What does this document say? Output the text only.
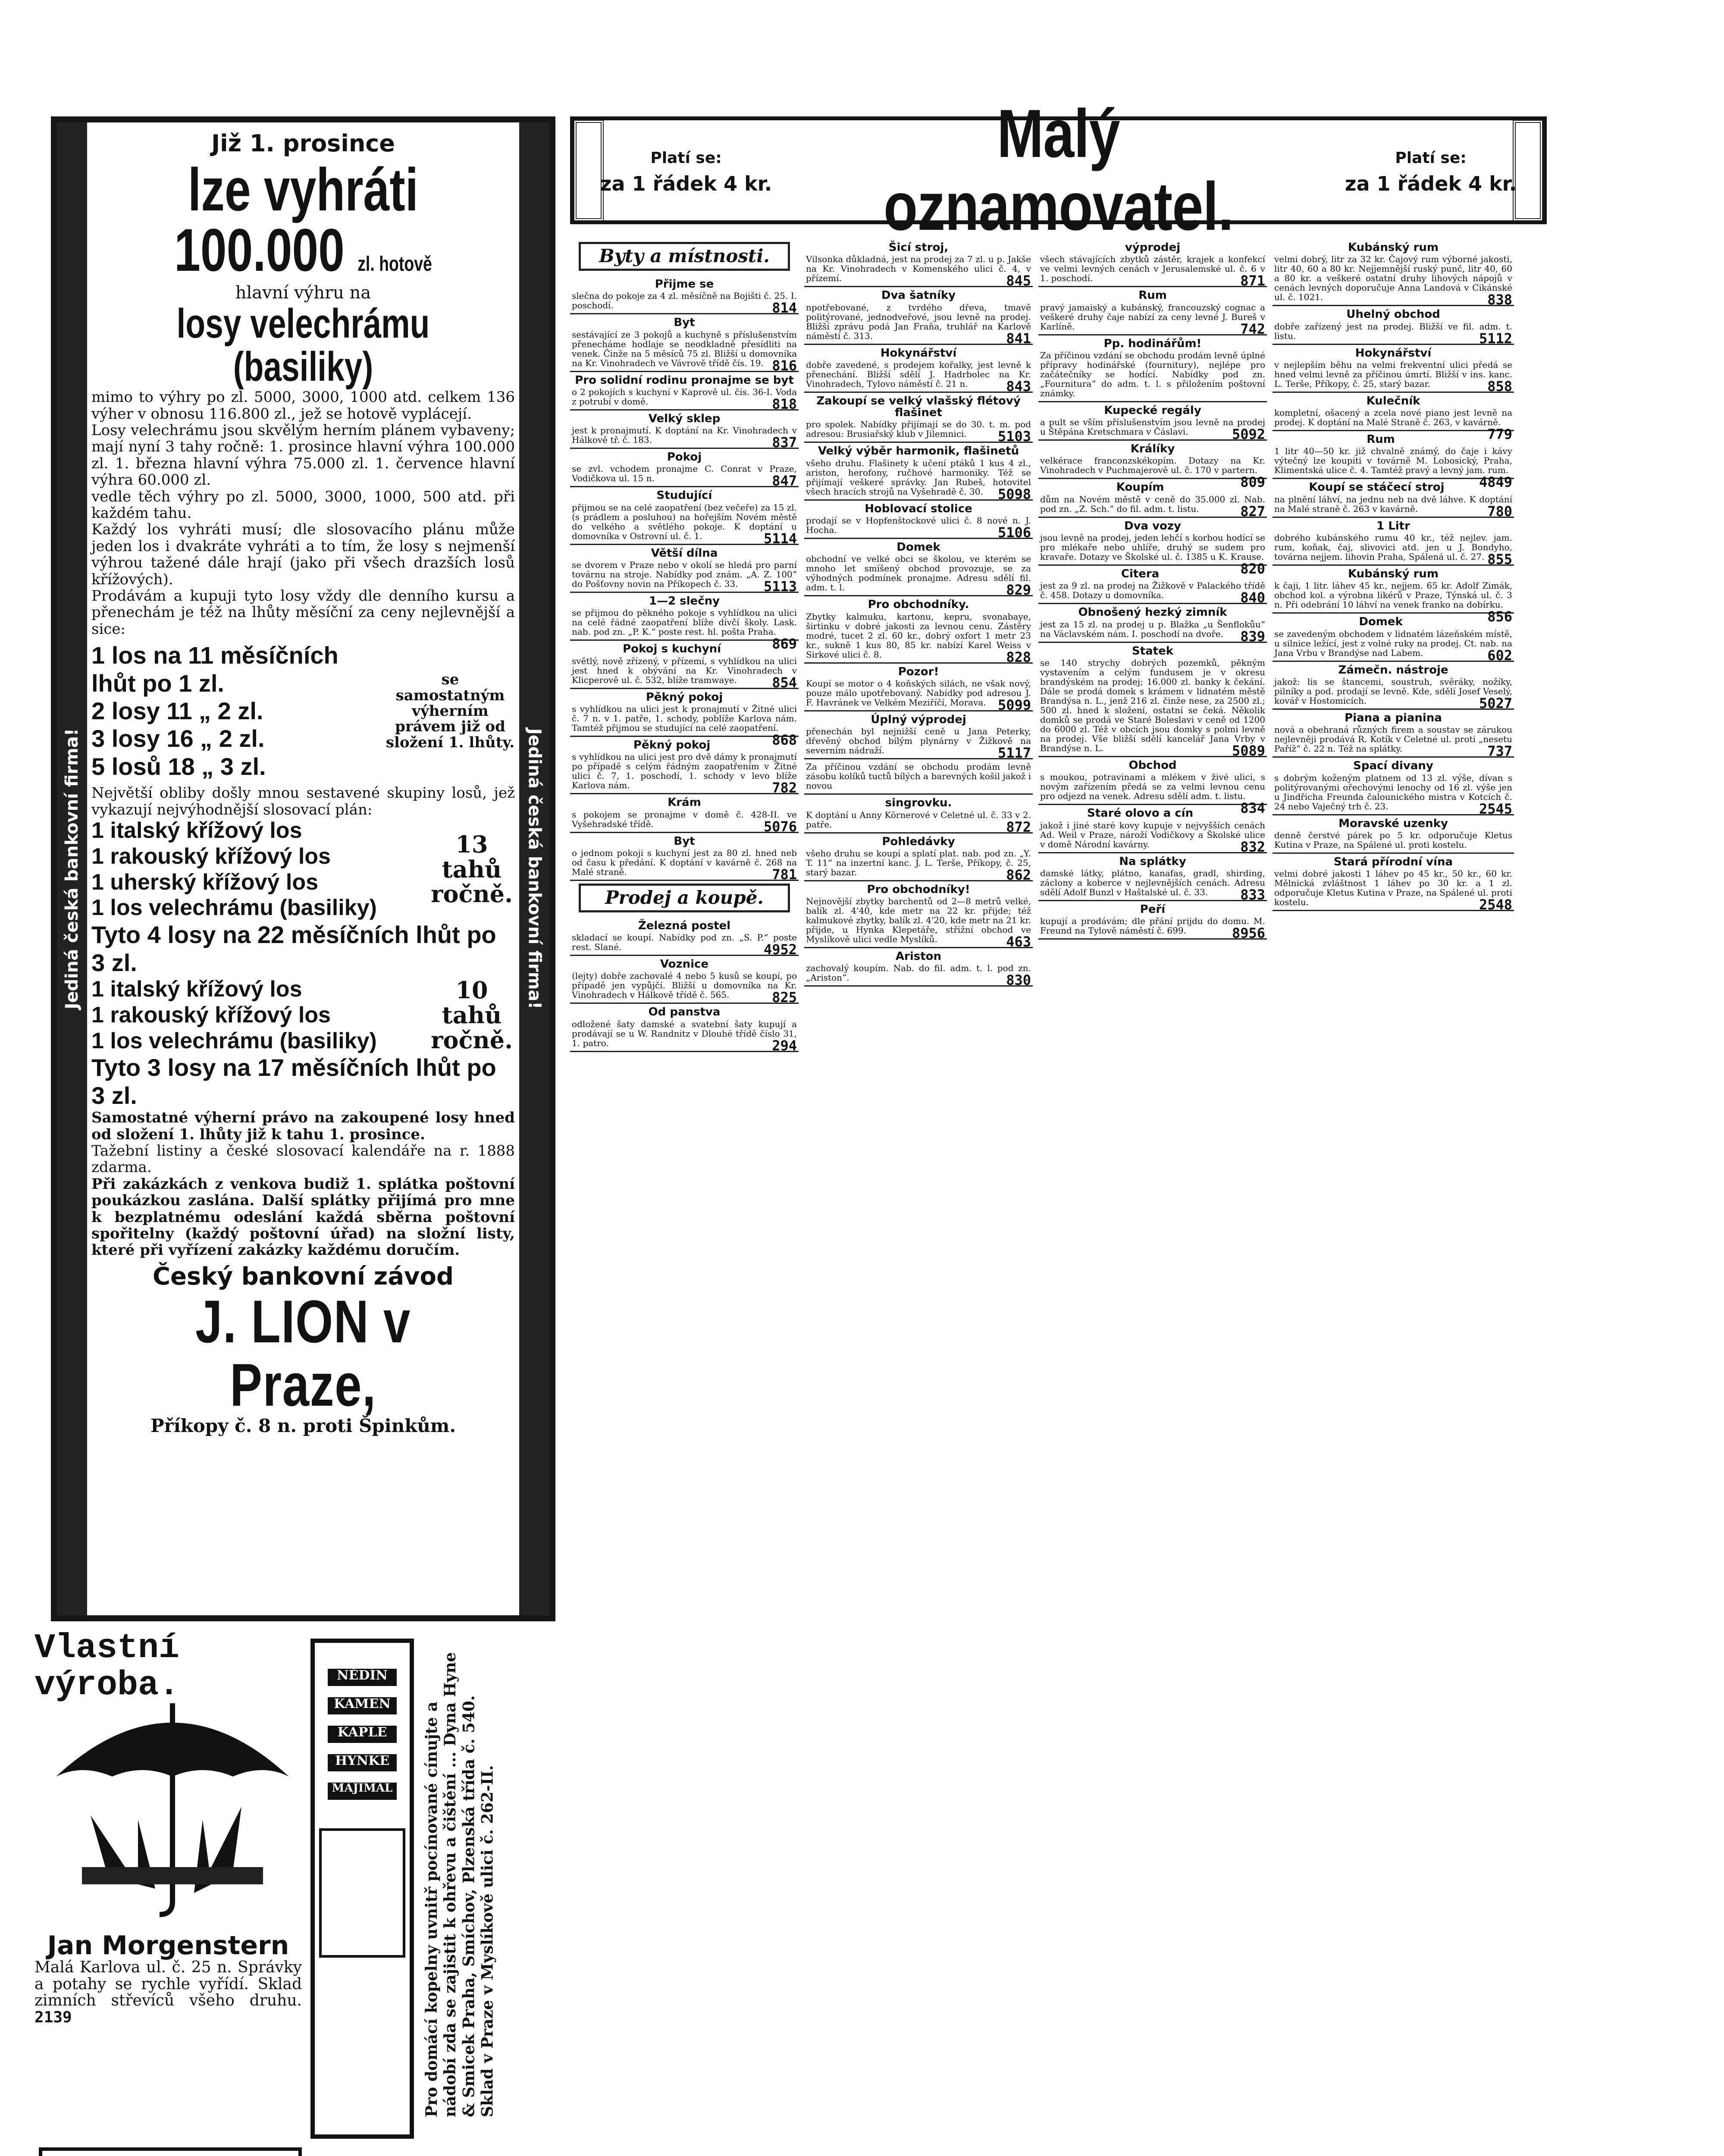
Platí se:
za 1 řádek 4 kr.
Malý oznamovatel.
Platí se:
za 1 řádek 4 kr.
Jediná česká bankovní firma!	Jediná česká bankovní firma!
Již 1. prosince
lze vyhráti 100.000 zl. hotově
hlavní výhru na
losy velechrámu (basiliky)

mimo to výhry po zl. 5000, 3000, 1000 atd. celkem 136 výher v obnosu 116.800 zl., jež se hotově vyplácejí.

Losy velechrámu jsou skvělým herním plánem vybaveny; mají nyní 3 tahy ročně: 1. prosince hlavní výhra 100.000 zl. 1. března hlavní výhra 75.000 zl. 1. července hlavní výhra 60.000 zl.

vedle těch výhry po zl. 5000, 3000, 1000, 500 atd. při každém tahu.

Každý los vyhráti musí; dle slosovacího plánu může jeden los i dvakráte vyhráti a to tím, že losy s nejmenší výhrou tažené dále hrají (jako při všech drazších losů křížových).

Prodávám a kupuji tyto losy vždy dle denního kursu a přenechám je též na lhůty měsíční za ceny nejlevnější a sice:

1 los na 11 měsíčních lhůt po 1 zl.
2 losy 11 „ 2 zl.
3 losy 16 „ 2 zl.
5 losů 18 „ 3 zl.
se samostatným výherním právem již od složení 1. lhůty.

Největší obliby došly mnou sestavené skupiny losů, jež vykazují nejvýhodnější slosovací plán:

1 italský křížový los
1 rakouský křížový los
1 uherský křížový los
1 los velechrámu (basiliky)
13 tahů ročně.
Tyto 4 losy na 22 měsíčních lhůt po 3 zl.
1 italský křížový los
1 rakouský křížový los
1 los velechrámu (basiliky)
10 tahů ročně.
Tyto 3 losy na 17 měsíčních lhůt po 3 zl.

Samostatné výherní právo na zakoupené losy hned od složení 1. lhůty již k tahu 1. prosince.

Tažební listiny a české slosovací kalendáře na r. 1888 zdarma.

Při zakázkách z venkova budiž 1. splátka poštovní poukázkou zaslána. Další splátky přijímá pro mne k bezplatnému odeslání každá sběrna poštovní spořitelny (každý poštovní úřad) na složní listy, které při vyřízení zakázky každému doručím.

Český bankovní závod
J. LION v Praze,
Příkopy č. 8 n. proti Špinkům.
Vlastní výroba.	NĚDÍN
KAMEN
KAPLE
HYNKE
MAJIMAL Pro domácí kopelny uvnitř pocínované cínujte a nádobí zda se zajistit k ohřevu a čištění ... Dyna Hyne & Smicek Praha, Smíchov, Plzenská třída č. 540. Sklad v Praze v Myslíkově ulici č. 262-II.
Jan Morgenstern

Malá Karlova ul. č. 25 n. Správky a potahy se rychle vyřídí. Sklad zimních střevíců všeho druhu. 2139

Byty a místnosti.
Přijme se

slečna do pokoje za 4 zl. měsíčně na Bojišti č. 25. I. poschodí.	814

Byt

sestávající ze 3 pokojů a kuchyně s příslušenstvím přenecháme hodlaje se neodkladně přesídliti na venek. Činže na 5 měsíců 75 zl. Bližší u domovníka na Kr. Vinohradech ve Vávrově třídě čís. 19. 816

Pro solidní rodinu pronajme se byt

o 2 pokojích s kuchyní v Kaprově ul. čís. 36-I. Voda z potrubí v domě.	818

Velký sklep

jest k pronajmutí. K doptání na Kr. Vinohradech v Hálkově tř. č. 183.	837

Pokoj

se zvl. vchodem pronajme C. Conrat v Praze, Vodičkova ul. 15 n.	847

Studující

přijmou se na celé zaopatření (bez večeře) za 15 zl. (s prádlem a posluhou) na hořejším Novém městě do velkého a světlého pokoje. K doptání u domovníka v Ostrovní ul. č. 1.	5114

Větší dílna

se dvorem v Praze nebo v okolí se hledá pro parní továrnu na stroje. Nabídky pod znám. „A. Z. 100“ do Pošťovny novin na Příkopech č. 33. 5113

1—2 slečny

se přijmou do pěkného pokoje s vyhlídkou na ulici na celé řádné zaopatření blíže dívčí školy. Lask. nab. pod zn. „P. K.“ poste rest. hl. pošta Praha.
869

Pokoj s kuchyní

světlý, nově zřízený, v přízemí, s vyhlídkou na ulici jest hned k obývání na Kr. Vinohradech v Klicperově ul. č. 532, blíže tramwaye.	854

Pěkný pokoj

s vyhlídkou na ulici jest k pronajmutí v Žitné ulici č. 7 n. v 1. patře, 1. schody, poblíže Karlova nám. Tamtéž přijmou se studující na celé zaopatření.
868

Pěkný pokoj

s vyhlídkou na ulici jest pro dvě dámy k pronajmutí po případě s celým řádným zaopatřením v Žitné ulici č. 7, 1. poschodí, 1. schody v levo blíže Karlova nám.	782

Krám

s pokojem se pronajme v domě č. 428-II. ve Vyšehradské třídě.	5076

Byt

o jednom pokoji s kuchyní jest za 80 zl. hned neb od času k předání. K doptání v kavárně č. 268 na Malé straně.	781

Prodej a koupě.
Železná postel

skladací se koupí. Nabídky pod zn. „S. P.“ poste rest. Slané.	4952

Voznice

(lejty) dobře zachovalé 4 nebo 5 kusů se koupí, po případě jen vypůjčí. Bližší u domovníka na Kr. Vinohradech v Hálkově třídě č. 565.	825

Od panstva

odložené šaty damské a svatební šaty kupují a prodávají se u W. Randnitz v Dlouhé třídě číslo 31, 1. patro.	294

Šicí stroj,

Vilsonka důkladná, jest na prodej za 7 zl. u p. Jakše na Kr. Vinohradech v Komenského ulici č. 4, v přízemí.	845

Dva šatníky

npotřebované, z tvrdého dřeva, tmavě politýrované, jednodveřové, jsou levně na prodej. Bližší zprávu podá Jan Fraňa, truhlář na Karlově náměstí č. 313.	841

Hokynářství

dobře zavedené, s prodejem kořalky, jest levně k přenechání. Bližší sdělí J. Hadrbolec na Kr. Vinohradech, Tylovo náměstí č. 21 n.	843

Zakoupí se velký vlašský flétový flašinet

pro spolek. Nabídky přijímají se do 30. t. m. pod adresou: Brusiařský klub v Jilemnici. 5103

Velký výběr harmonik, flašinetů

všeho druhu. Flašinety k učení ptáků 1 kus 4 zl., ariston, herofony, ručhové harmoniky. Též se přijímají veškeré správky. Jan Rubeš, hotovitel všech hracích strojů na Vyšehradě č. 30. 5098

Hoblovací stolice

prodají se v Hopfenštockové ulici č. 8 nové n. J. Hocha.	5106

Domek

obchodní ve velké obci se školou, ve kterém se mnoho let smíšený obchod provozuje, se za výhodných podmínek pronajme. Adresu sdělí fil. adm. t. l.	829

Pro obchodníky.

Zbytky kalmuku, kartonu, kepru, svonabaye, širtinku v dobré jakosti za levnou cenu. Zástěry modré, tucet 2 zl. 60 kr., dobrý oxfort 1 metr 23 kr., sukně 1 kus 80, 85 kr. nabízí Karel Weiss v Sirkové ulici č. 8.	828

Pozor!

Koupí se motor o 4 koňských silách, ne však nový, pouze málo upotřebovaný. Nabídky pod adresou J. F. Havránek ve Velkém Meziříčí, Morava. 5099

Úplný výprodej

přenechán byl nejnižší ceně u Jana Peterky, dřevěný obchod bílým plynárny v Žižkově na severním nádraží.	5117

Za příčinou vzdání se obchodu prodám levně zásobu kolíků tuctů bílých a barevných košil jakož i novou

singrovku.

K doptání u Anny Körnerové v Celetné ul. č. 33 v 2. patře.	872

Pohledávky

všeho druhu se koupí a splatí plat. nab. pod zn. „Y. T. 11“ na inzertní kanc. J. L. Terše, Příkopy, č. 25, starý bazar.	862

Pro obchodníky!

Nejnovější zbytky barchentů od 2—8 metrů velké, balík zl. 4'40, kde metr na 22 kr. přijde; též kalmukové zbytky, balík zl. 4'20, kde metr na 21 kr. přijde, u Hynka Klepetáře, střižní obchod ve Myslíkově ulici vedle Myslíků.	463

Ariston

zachovalý koupím. Nab. do fil. adm. t. l. pod zn. „Ariston“.	830

výprodej

všech stávajících zbytků zástěr, krajek a konfekcí ve velmi levných cenách v Jerusalemské ul. č. 6 v 1. poschodí.	871

Rum

pravý jamaiský a kubánský, francouzský cognac a veškeré druhy čaje nabízí za ceny levné J. Bureš v Karlíně.	742

Pp. hodinářům!

Za příčinou vzdání se obchodu prodám levně úplné přípravy hodinářské (fournitury), nejlépe pro začátečníky se hodící. Nabídky pod zn. „Fournitura“ do adm. t. l. s přiložením poštovní známky.

Kupecké regály

a pult se vším příslušenstvím jsou levně na prodej u Štěpána Kretschmara v Čáslavi.	5092

Králíky

velkérace franconzskékopím. Dotazy na Kr. Vinohradech v Puchmajerově ul. č. 170 v partern.
809

Koupím

dům na Novém městě v ceně do 35.000 zl. Nab. pod zn. „Z. Sch.“ do fil. adm. t. listu.	827

Dva vozy

jsou levně na prodej, jeden lehčí s korbou hodící se pro mlékaře nebo uhlíře, druhý se sudem pro kravaře. Dotazy ve Školské ul. č. 1385 u K. Krause.
820

Citera

jest za 9 zl. na prodej na Žižkově v Palackého třídě č. 458. Dotazy u domovníka.	840

Obnošený hezký zimník

jest za 15 zl. na prodej u p. Blažka „u Šenflokůu“ na Václavském nám. I. poschodí na dvoře. 839

Statek

se 140 strychy dobrých pozemků, pěkným vystavením a celým fundusem je v okresu brandýském na prodej; 16.000 zl. banky k čekání. Dále se prodá domek s krámem v lidnatém městě Brandýsa n. L., jenž 216 zl. činže nese, za 2500 zl.; 500 zl. hned k složení, ostatní se čeká. Několik domků se prodá ve Staré Boleslavi v ceně od 1200 do 6000 zl. Též v obcích jsou domky s polmi levně na prodej. Vše bližší sdělí kancelář Jana Vrby v Brandýse n. L.	5089

Obchod

s moukou, potravinami a mlékem v živé ulici, s novým zařízením předá se za velmi levnou cenu pro odjezd na venek. Adresu sdělí adm. t. listu.
834

Staré olovo a cín

jakož i jiné staré kovy kupuje v nejvyšších cenách Ad. Weil v Praze, nároží Vodičkovy a Školské ulice v domě Národní kavárny.	832

Na splátky

damské látky, plátno, kanafas, gradl, shirding, záclony a koberce v nejlevnějších cenách. Adresu sdělí Adolf Bunzl v Haštalské ul. č. 33. 833

Peří

kupují a prodávám; dle přání prijdu do domu. M. Freund na Tylově náměstí č. 699.	8956

Kubánský rum

velmi dobrý, litr za 32 kr. Čajový rum výborné jakosti, litr 40, 60 a 80 kr. Nejjemnější ruský punč, litr 40, 60 a 80 kr. a veškeré ostatní druhy lihových nápojů v cenách levných doporučuje Anna Landová v Cikánské ul. č. 1021.	838

Uhelný obchod

dobře zařízený jest na prodej. Bližší ve fil. adm. t. listu.	5112

Hokynářství

v nejlepším běhu na velmi frekventní ulici předá se hned velmi levně za příčinou úmrtí. Bližší v ins. kanc. L. Terše, Příkopy, č. 25, starý bazar.	858

Kulečník

kompletní, ošacený a zcela nové piano jest levně na prodej. K doptání na Malé Straně č. 263, v kavárně.
779

Rum

1 litr 40—50 kr. již chvalně známý, do čaje i kávy výtečný lze koupiti v továrně M. Lobosický, Praha, Klimentská ulice č. 4. Tamtéž pravý a levný jam. rum.
4849

Koupí se stáčecí stroj

na plnění láhví, na jednu neb na dvě láhve. K doptání na Malé straně č. 263 v kavárně.	780

1 Litr

dobrého kubánského rumu 40 kr., též nejlev. jam. rum, koňak, čaj, slivovici atd. jen u J. Bondyho, továrna nejjem. lihovin Praha, Spálená ul. č. 27. 855

Kubánský rum

k čaji, 1 litr. láhev 45 kr., nejjem. 65 kr. Adolf Zimák, obchod kol. a výrobna likérů v Praze, Týnská ul. č. 3 n. Při odebrání 10 láhví na venek franko na dobírku.
856

Domek

se zavedeným obchodem v lidnatém lázeňském místě, u silnice ležící, jest z volné ruky na prodej. Ct. nab. na Jana Vrbu v Brandýse nad Labem.	602

Zámečn. nástroje

jakož: lis se štancemi, soustruh, svěráky, nožíky, pilníky a pod. prodají se levně. Kde, sdělí Josef Veselý, kovář v Hostomicích.	5027

Piana a pianina

nová a obehraná různých firem a soustav se zárukou nejlevněji prodává R. Kotík v Celetné ul. proti „nesetu Paříž“ č. 22 n. Též na splátky.	737

Spací divany

s dobrým koženým platnem od 13 zl. výše, dívan s politýrovanými ořechovými lenochy od 16 zl. výše jen u Jindřicha Freunda čalounického mistra v Kotcích č. 24 nebo Vaječný trh č. 23.	2545

Moravské uzenky

denně čerstvé párek po 5 kr. odporučuje Kletus Kutina v Praze, na Spálené ul. proti kostelu.

Stará přírodní vína

velmi dobré jakosti 1 láhev po 45 kr., 50 kr., 60 kr. Mělnická zvláštnost 1 láhev po 30 kr. a 1 zl. odporučuje Kletus Kutina v Praze, na Spálené ul. proti kostelu.	2548
